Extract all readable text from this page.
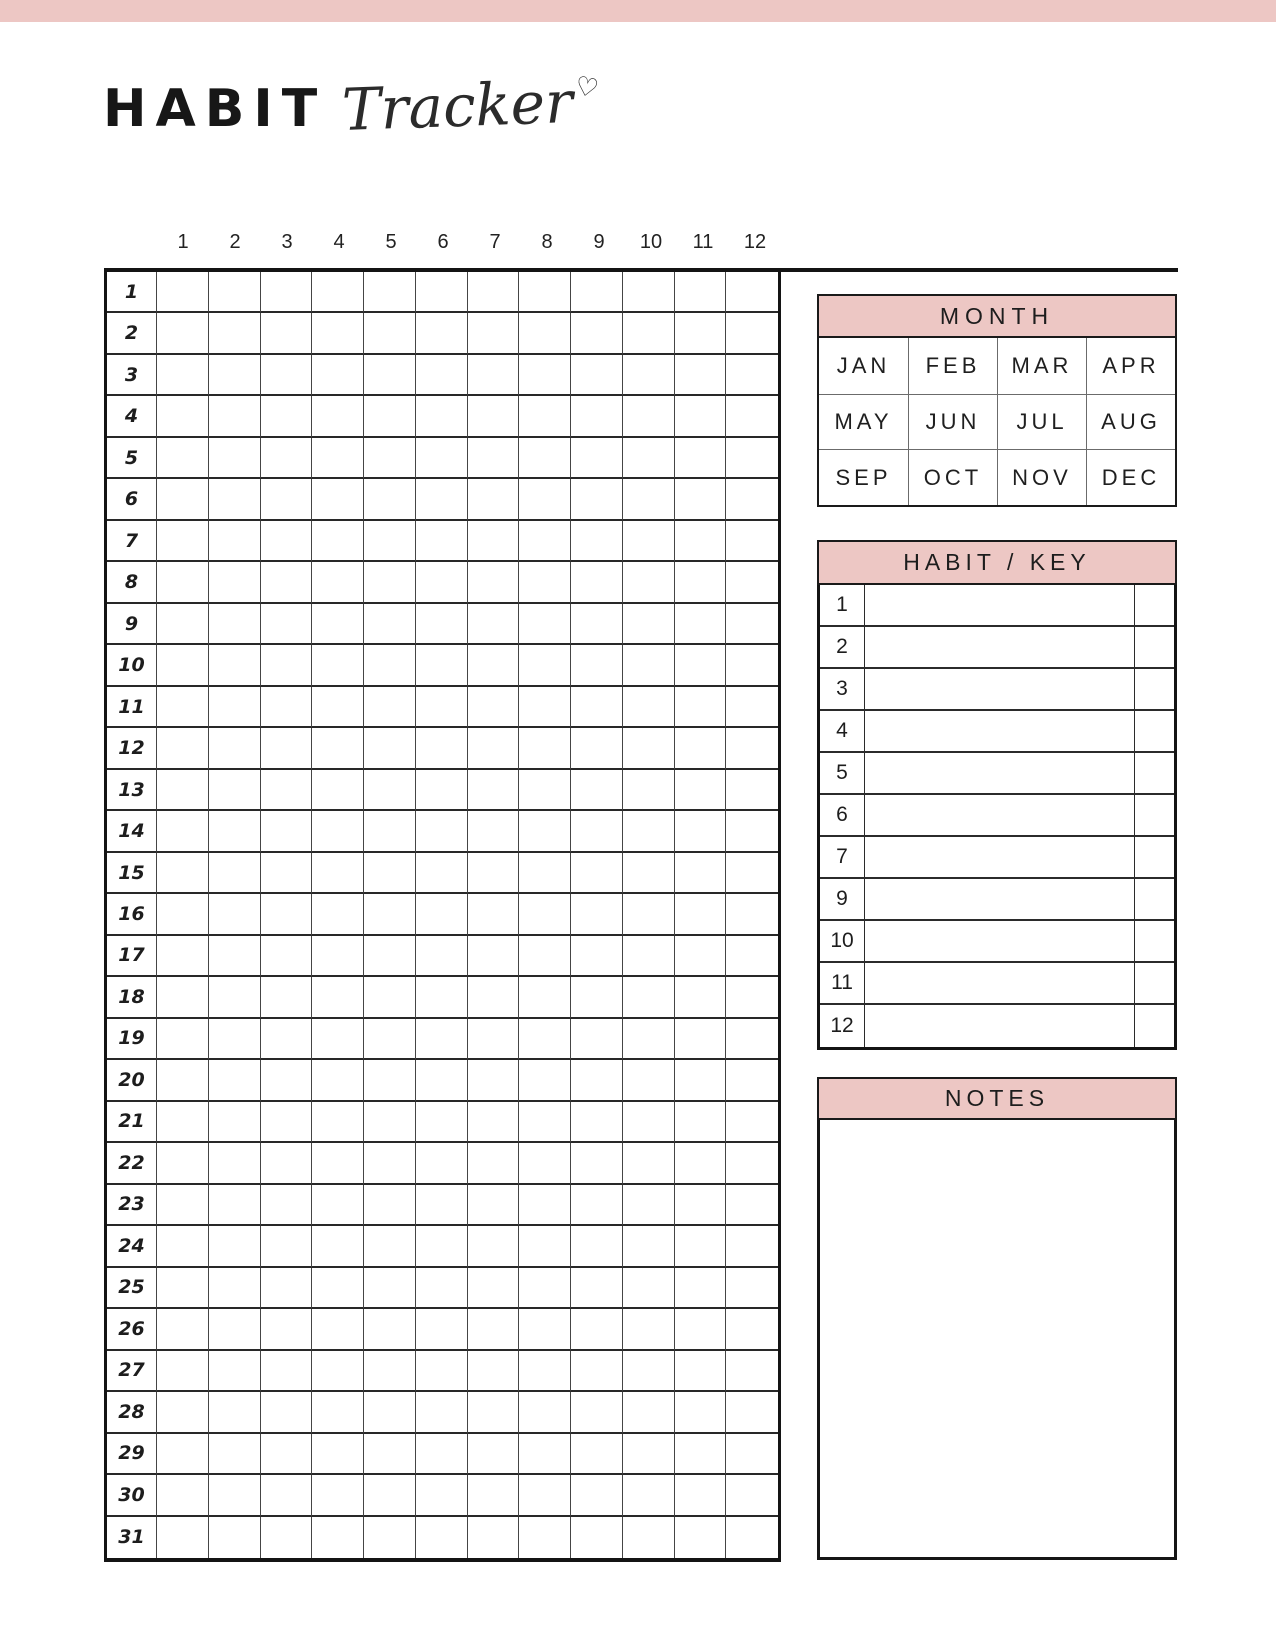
HABIT Tracker
♡
1	2	3	4	5	6	7	8	9	10	11	12
1
2
3
4
5
6
7
8
9
10
11
12
13
14
15
16
17
18
19
20
21
22
23
24
25
26
27
28
29
30
31
MONTH
JAN	FEB	MAR	APR
MAY	JUN	JUL	AUG
SEP	OCT	NOV	DEC
HABIT / KEY
1
2
3
4
5
6
7
9
10
11
12
NOTES
